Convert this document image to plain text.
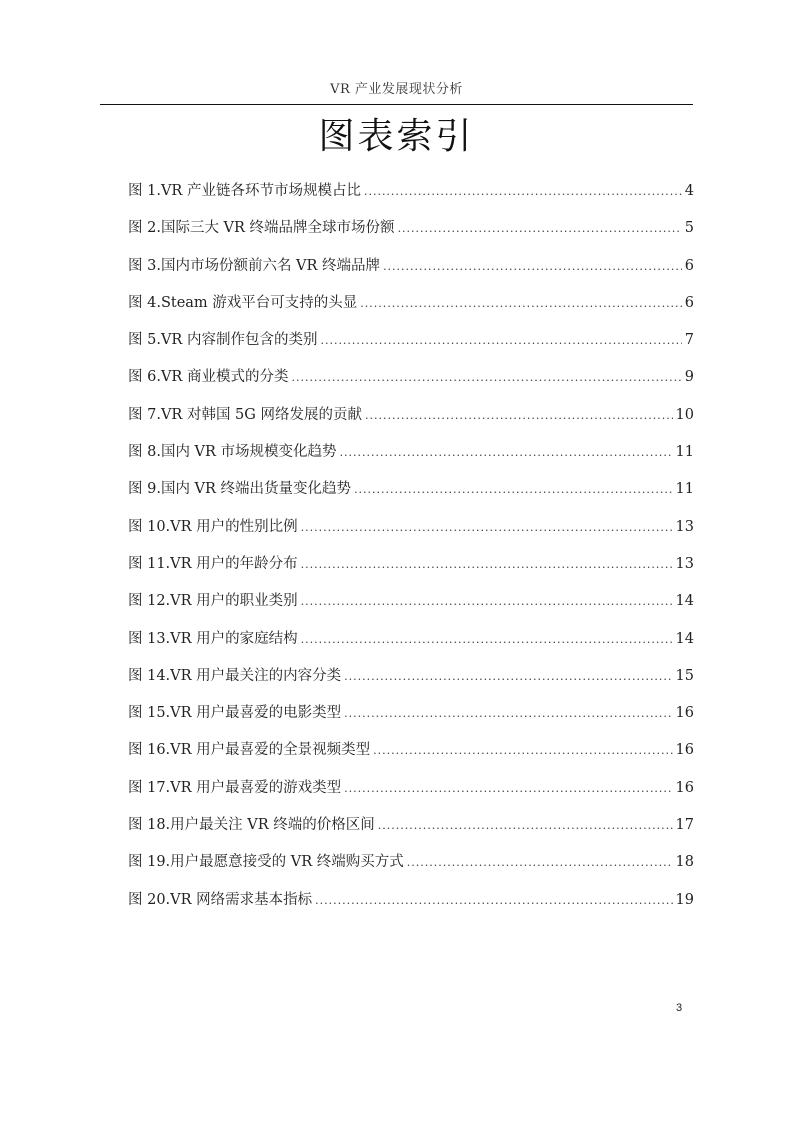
VR 产业发展现状分析
图表索引
图 1.VR 产业链各环节市场规模占比 .....	4
图 2.国际三大 VR 终端品牌全球市场份额 .....	5
图 3.国内市场份额前六名 VR 终端品牌 .....	6
图 4.Steam 游戏平台可支持的头显 .....	6
图 5.VR 内容制作包含的类别 .....	7
图 6.VR 商业模式的分类 .....	9
图 7.VR 对韩国 5G 网络发展的贡献 .....	10
图 8.国内 VR 市场规模变化趋势 .....	11
图 9.国内 VR 终端出货量变化趋势 .....	11
图 10.VR 用户的性别比例 .....	13
图 11.VR 用户的年龄分布 .....	13
图 12.VR 用户的职业类别 .....	14
图 13.VR 用户的家庭结构 .....	14
图 14.VR 用户最关注的内容分类 .....	15
图 15.VR 用户最喜爱的电影类型 .....	16
图 16.VR 用户最喜爱的全景视频类型 .....	16
图 17.VR 用户最喜爱的游戏类型 .....	16
图 18.用户最关注 VR 终端的价格区间 .....	17
图 19.用户最愿意接受的 VR 终端购买方式 .....	18
图 20.VR 网络需求基本指标 .....	19
3
